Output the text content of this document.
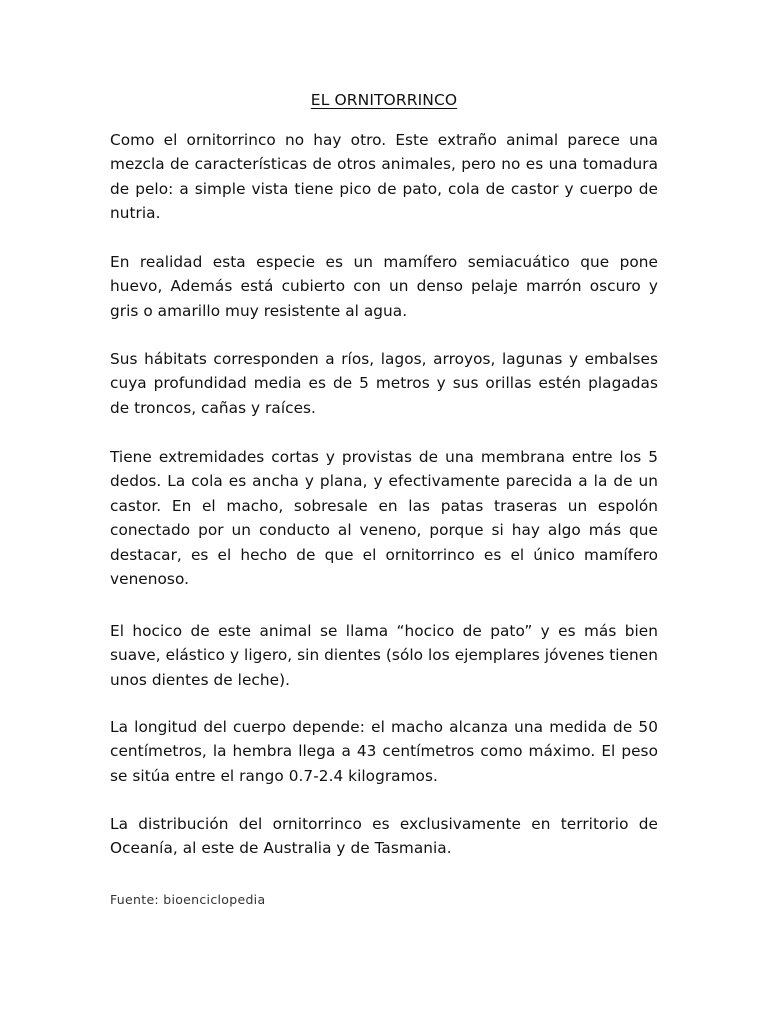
EL ORNITORRINCO

Como el ornitorrinco no hay otro. Este extraño animal parece una mezcla de características de otros animales, pero no es una tomadura de pelo: a simple vista tiene pico de pato, cola de castor y cuerpo de nutria.

En realidad esta especie es un mamífero semiacuático que pone huevo, Además está cubierto con un denso pelaje marrón oscuro y gris o amarillo muy resistente al agua.

Sus hábitats corresponden a ríos, lagos, arroyos, lagunas y embalses cuya profundidad media es de 5 metros y sus orillas estén plagadas de troncos, cañas y raíces.

Tiene extremidades cortas y provistas de una membrana entre los 5 dedos. La cola es ancha y plana, y efectivamente parecida a la de un castor. En el macho, sobresale en las patas traseras un espolón conectado por un conducto al veneno, porque si hay algo más que destacar, es el hecho de que el ornitorrinco es el único mamífero venenoso.

El hocico de este animal se llama “hocico de pato” y es más bien suave, elástico y ligero, sin dientes (sólo los ejemplares jóvenes tienen unos dientes de leche).

La longitud del cuerpo depende: el macho alcanza una medida de 50 centímetros, la hembra llega a 43 centímetros como máximo. El peso se sitúa entre el rango 0.7-2.4 kilogramos.

La distribución del ornitorrinco es exclusivamente en territorio de Oceanía, al este de Australia y de Tasmania.

Fuente: bioenciclopedia
